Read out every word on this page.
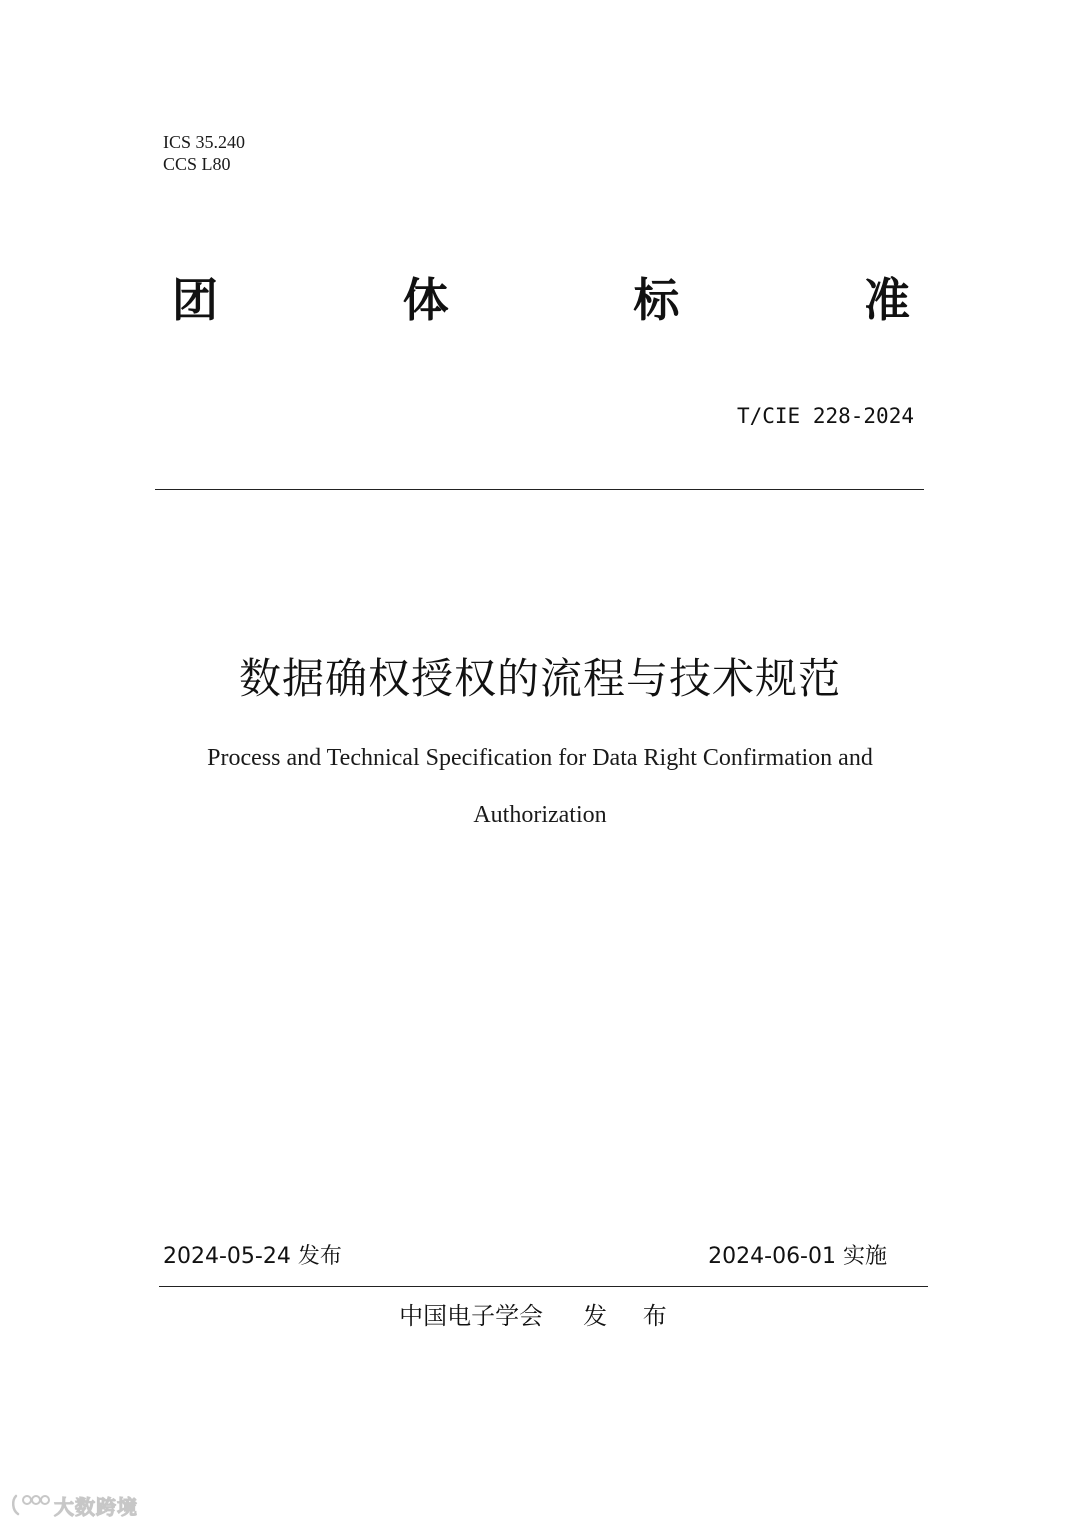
ICS 35.240
CCS L80
团	体	标	准
T/CIE 228-2024
数据确权授权的流程与技术规范
Process and Technical Specification for Data Right Confirmation and Authorization
2024-05-24 发布	2024-06-01 实施
中国电子学会 发 布
大数跨境
